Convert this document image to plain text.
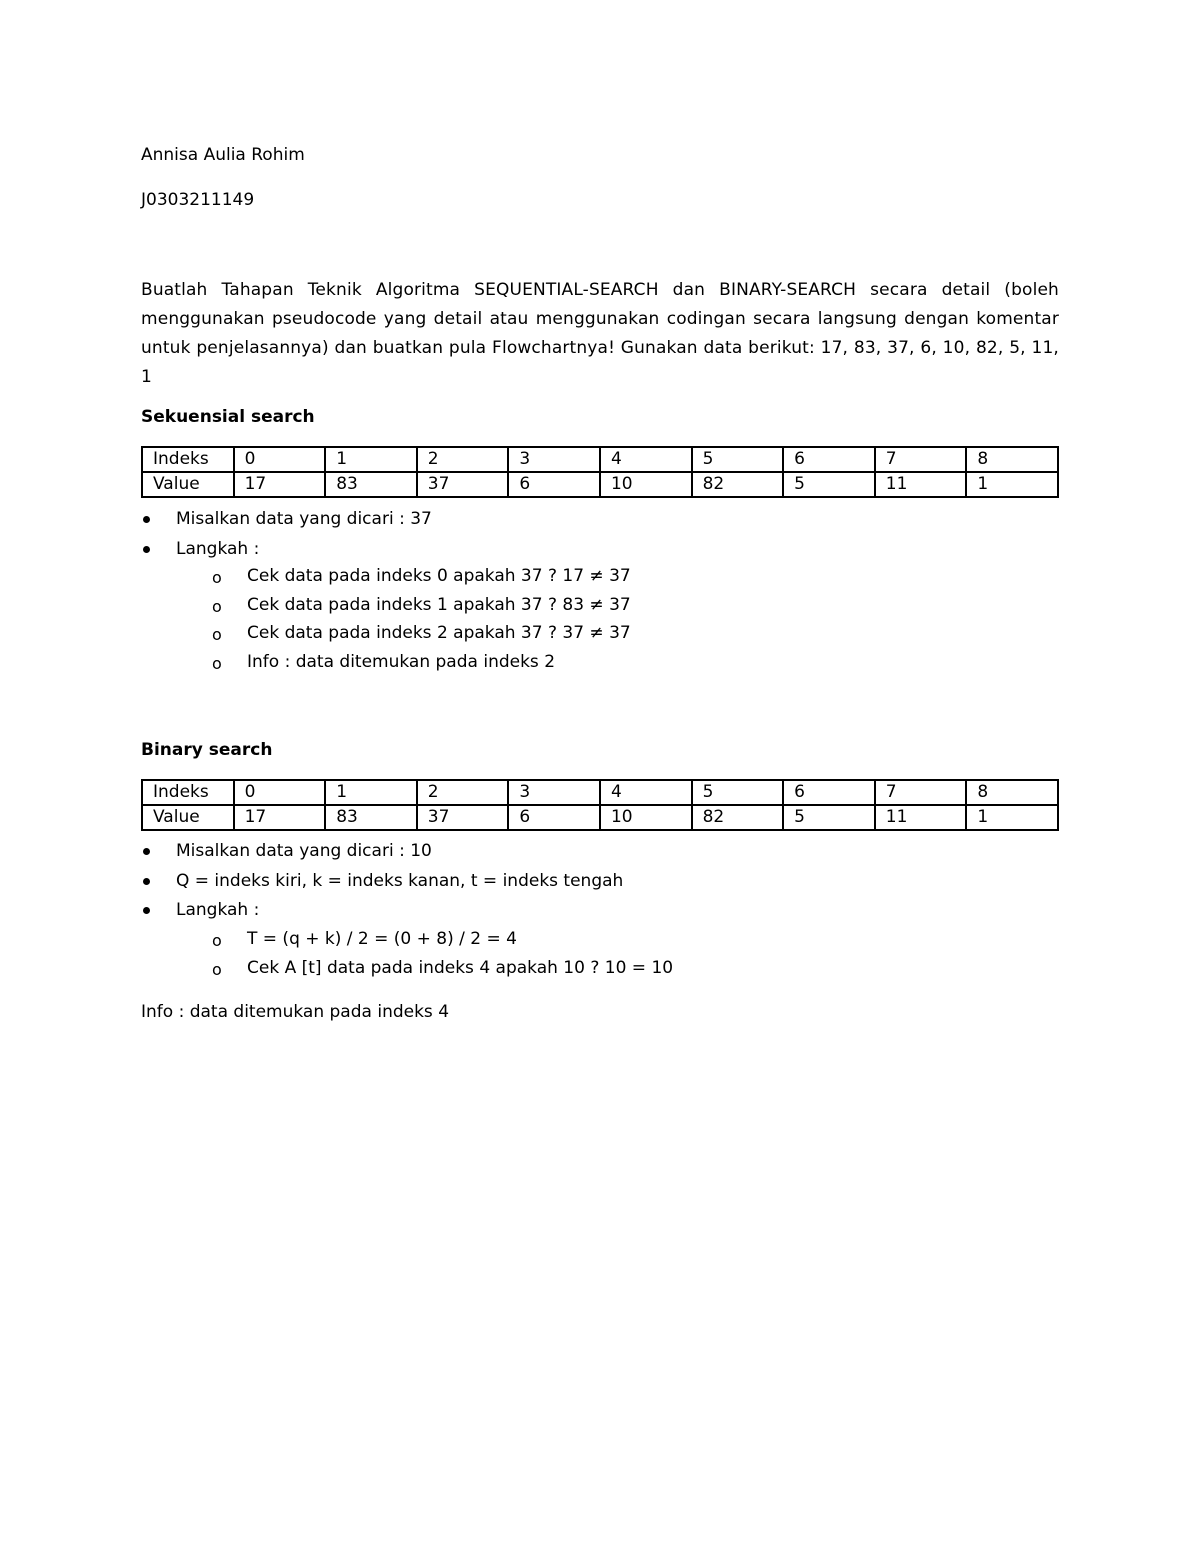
Annisa Aulia Rohim
J0303211149
Buatlah Tahapan Teknik Algoritma SEQUENTIAL-SEARCH dan BINARY-SEARCH secara detail (boleh menggunakan pseudocode yang detail atau menggunakan codingan secara langsung dengan komentar untuk penjelasannya) dan buatkan pula Flowchartnya! Gunakan data berikut: 17, 83, 37, 6, 10, 82, 5, 11, 1
Sekuensial search
Indeks	0	1	2	3	4	5	6	7	8
Value	17	83	37	6	10	82	5	11	1
Misalkan data yang dicari : 37
Langkah :
o Cek data pada indeks 0 apakah 37 ? 17 ≠ 37
o Cek data pada indeks 1 apakah 37 ? 83 ≠ 37
o Cek data pada indeks 2 apakah 37 ? 37 ≠ 37
o Info : data ditemukan pada indeks 2
Binary search
Indeks	0	1	2	3	4	5	6	7	8
Value	17	83	37	6	10	82	5	11	1
Misalkan data yang dicari : 10
Q = indeks kiri, k = indeks kanan, t = indeks tengah
Langkah :
o T = (q + k) / 2 = (0 + 8) / 2 = 4
o Cek A [t] data pada indeks 4 apakah 10 ? 10 = 10
Info : data ditemukan pada indeks 4
